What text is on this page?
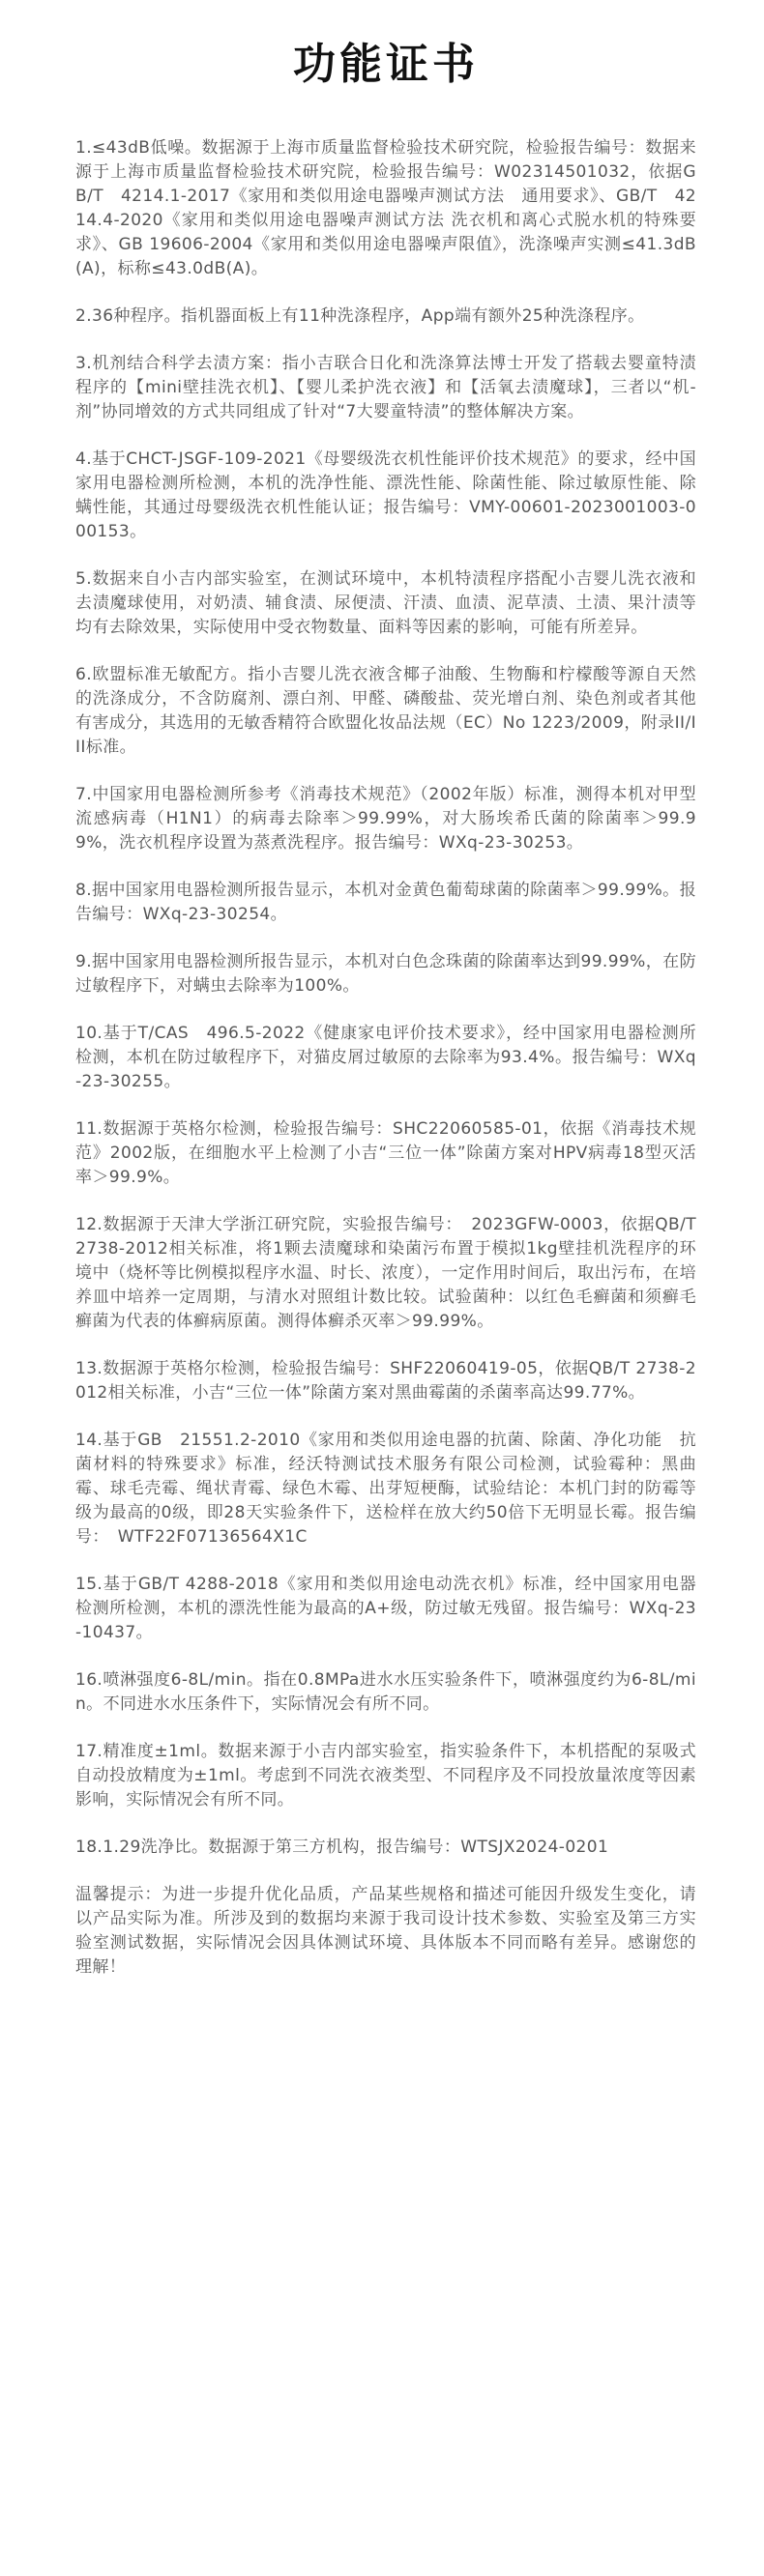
功能证书

1.≤43dB低噪。数据源于上海市质量监督检验技术研究院，检验报告编号：数据来源于上海市质量监督检验技术研究院，检验报告编号：W02314501032，依据GB/T　4214.1-2017《家用和类似用途电器噪声测试方法　通用要求》、GB/T　4214.4-2020《家用和类似用途电器噪声测试方法 洗衣机和离心式脱水机的特殊要求》、GB 19606-2004《家用和类似用途电器噪声限值》，洗涤噪声实测≤41.3dB(A)，标称≤43.0dB(A)。

2.36种程序。指机器面板上有11种洗涤程序，App端有额外25种洗涤程序。

3.机剂结合科学去渍方案：指小吉联合日化和洗涤算法博士开发了搭载去婴童特渍程序的【mini壁挂洗衣机】、【婴儿柔护洗衣液】和【活氧去渍魔球】，三者以“机-剂”协同增效的方式共同组成了针对“7大婴童特渍”的整体解决方案。

4.基于CHCT-JSGF-109-2021《母婴级洗衣机性能评价技术规范》的要求，经中国家用电器检测所检测，本机的洗净性能、漂洗性能、除菌性能、除过敏原性能、除螨性能，其通过母婴级洗衣机性能认证；报告编号：VMY-00601-2023001003-000153。

5.数据来自小吉内部实验室，在测试环境中，本机特渍程序搭配小吉婴儿洗衣液和去渍魔球使用，对奶渍、辅食渍、尿便渍、汗渍、血渍、泥草渍、土渍、果汁渍等均有去除效果，实际使用中受衣物数量、面料等因素的影响，可能有所差异。

6.欧盟标准无敏配方。指小吉婴儿洗衣液含椰子油酸、生物酶和柠檬酸等源自天然的洗涤成分，不含防腐剂、漂白剂、甲醛、磷酸盐、荧光增白剂、染色剂或者其他有害成分，其选用的无敏香精符合欧盟化妆品法规（EC）No 1223/2009，附录II/III标准。

7.中国家用电器检测所参考《消毒技术规范》（2002年版）标准，测得本机对甲型流感病毒（H1N1）的病毒去除率＞99.99%，对大肠埃希氏菌的除菌率＞99.99%，洗衣机程序设置为蒸煮洗程序。报告编号：WXq-23-30253。

8.据中国家用电器检测所报告显示，本机对金黄色葡萄球菌的除菌率＞99.99%。报告编号：WXq-23-30254。

9.据中国家用电器检测所报告显示，本机对白色念珠菌的除菌率达到99.99%，在防过敏程序下，对螨虫去除率为100%。

10.基于T/CAS　496.5-2022《健康家电评价技术要求》，经中国家用电器检测所检测，本机在防过敏程序下，对猫皮屑过敏原的去除率为93.4%。报告编号：WXq-23-30255。

11.数据源于英格尔检测，检验报告编号：SHC22060585-01，依据《消毒技术规范》2002版，在细胞水平上检测了小吉“三位一体”除菌方案对HPV病毒18型灭活率＞99.9%。

12.数据源于天津大学浙江研究院，实验报告编号：　2023GFW-0003，依据QB/T　2738-2012相关标准，将1颗去渍魔球和染菌污布置于模拟1kg壁挂机洗程序的环境中（烧杯等比例模拟程序水温、时长、浓度），一定作用时间后，取出污布，在培养皿中培养一定周期，与清水对照组计数比较。试验菌种：以红色毛癣菌和须癣毛癣菌为代表的体癣病原菌。测得体癣杀灭率＞99.99%。

13.数据源于英格尔检测，检验报告编号：SHF22060419-05，依据QB/T 2738-2012相关标准，小吉“三位一体”除菌方案对黑曲霉菌的杀菌率高达99.77%。

14.基于GB　21551.2-2010《家用和类似用途电器的抗菌、除菌、净化功能　抗菌材料的特殊要求》标准，经沃特测试技术服务有限公司检测，试验霉种：黑曲霉、球毛壳霉、绳状青霉、绿色木霉、出芽短梗酶，试验结论：本机门封的防霉等级为最高的0级，即28天实验条件下，送检样在放大约50倍下无明显长霉。报告编号：　WTF22F07136564X1C

15.基于GB/T 4288-2018《家用和类似用途电动洗衣机》标准，经中国家用电器检测所检测，本机的漂洗性能为最高的A+级，防过敏无残留。报告编号：WXq-23-10437。

16.喷淋强度6-8L/min。指在0.8MPa进水水压实验条件下，喷淋强度约为6-8L/min。不同进水水压条件下，实际情况会有所不同。

17.精准度±1ml。数据来源于小吉内部实验室，指实验条件下，本机搭配的泵吸式自动投放精度为±1ml。考虑到不同洗衣液类型、不同程序及不同投放量浓度等因素影响，实际情况会有所不同。

18.1.29洗净比。数据源于第三方机构，报告编号：WTSJX2024-0201

温馨提示：为进一步提升优化品质，产品某些规格和描述可能因升级发生变化，请以产品实际为准。所涉及到的数据均来源于我司设计技术参数、实验室及第三方实验室测试数据，实际情况会因具体测试环境、具体版本不同而略有差异。感谢您的理解！
